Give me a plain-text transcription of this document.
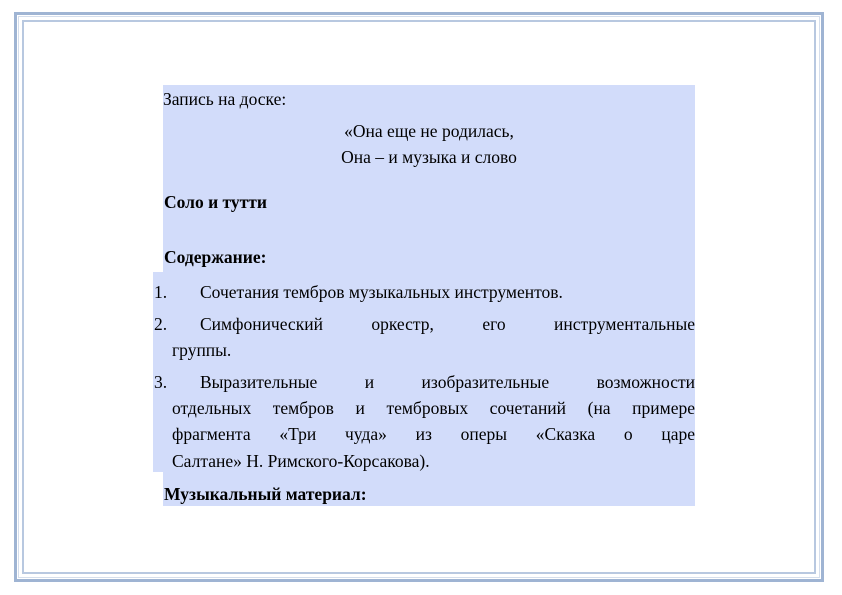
Запись на доске:
«Она еще не родилась,
Она – и музыка и слово
Соло и тутти
Содержание:
1. Сочетания тембров музыкальных инструментов.
2. Симфонический оркестр, его инструментальные
группы.
3. Выразительные и изобразительные возможности
отдельных тембров и тембровых сочетаний (на примере
фрагмента «Три чуда» из оперы «Сказка о царе
Салтане» Н. Римского-Корсакова).
Музыкальный материал:
